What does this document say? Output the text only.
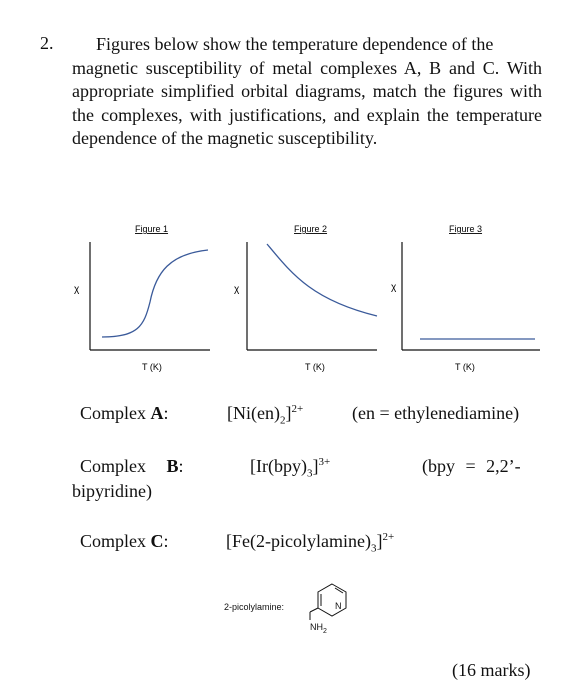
2.	Figures below show the temperature dependence of the
magnetic susceptibility of metal complexes A, B and C. With appropriate simplified orbital diagrams, match the figures with the complexes, with justifications, and explain the temperature dependence of the magnetic susceptibility.
Figure 1
χ
T (K)
Figure 2
χ
T (K)
Figure 3
χ
T (K)
Complex A:	$[Ni(en)_2]^{2+}$	(en = ethylenediamine)
Complex B:	$[Ir(bpy)_3]^{3+}$	(bpy = 2,2’-
bipyridine)
Complex C:	$[Fe(2-picolylamine)_3]^{2+}$
2-picolylamine:	N
$NH_2$
(16 marks)
